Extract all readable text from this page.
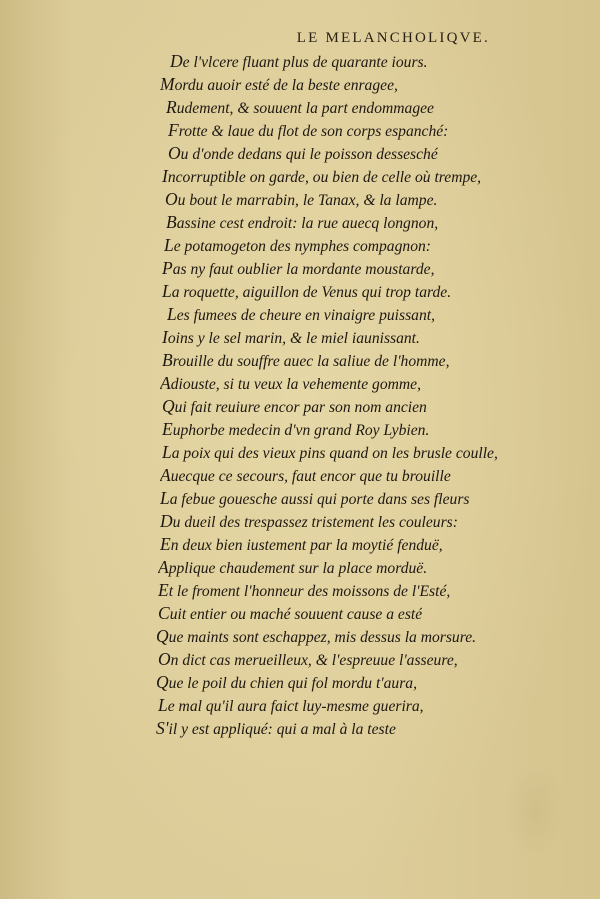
LE MELANCHOLIQVE.
De l'vlcere fluant plus de quarante iours.
Mordu auoir esté de la beste enragee,
Rudement, & souuent la part endommagee
Frotte & laue du flot de son corps espanché:
Ou d'onde dedans qui le poisson dessesché
Incorruptible on garde, ou bien de celle où trempe,
Ou bout le marrabin, le Tanax, & la lampe.
Bassine cest endroit: la rue auecq longnon,
Le potamogeton des nymphes compagnon:
Pas ny faut oublier la mordante moustarde,
La roquette, aiguillon de Venus qui trop tarde.
Les fumees de cheure en vinaigre puissant,
Ioins y le sel marin, & le miel iaunissant.
Brouille du souffre auec la saliue de l'homme,
Adiouste, si tu veux la vehemente gomme,
Qui fait reuiure encor par son nom ancien
Euphorbe medecin d'vn grand Roy Lybien.
La poix qui des vieux pins quand on les brusle coulle,
Auecque ce secours, faut encor que tu brouille
La febue gouesche aussi qui porte dans ses fleurs
Du dueil des trespassez tristement les couleurs:
En deux bien iustement par la moytié fenduë,
Applique chaudement sur la place morduë.
Et le froment l'honneur des moissons de l'Esté,
Cuit entier ou maché souuent cause a esté
Que maints sont eschappez, mis dessus la morsure.
On dict cas merueilleux, & l'espreuue l'asseure,
Que le poil du chien qui fol mordu t'aura,
Le mal qu'il aura faict luy-mesme guerira,
S'il y est appliqué: qui a mal à la teste
